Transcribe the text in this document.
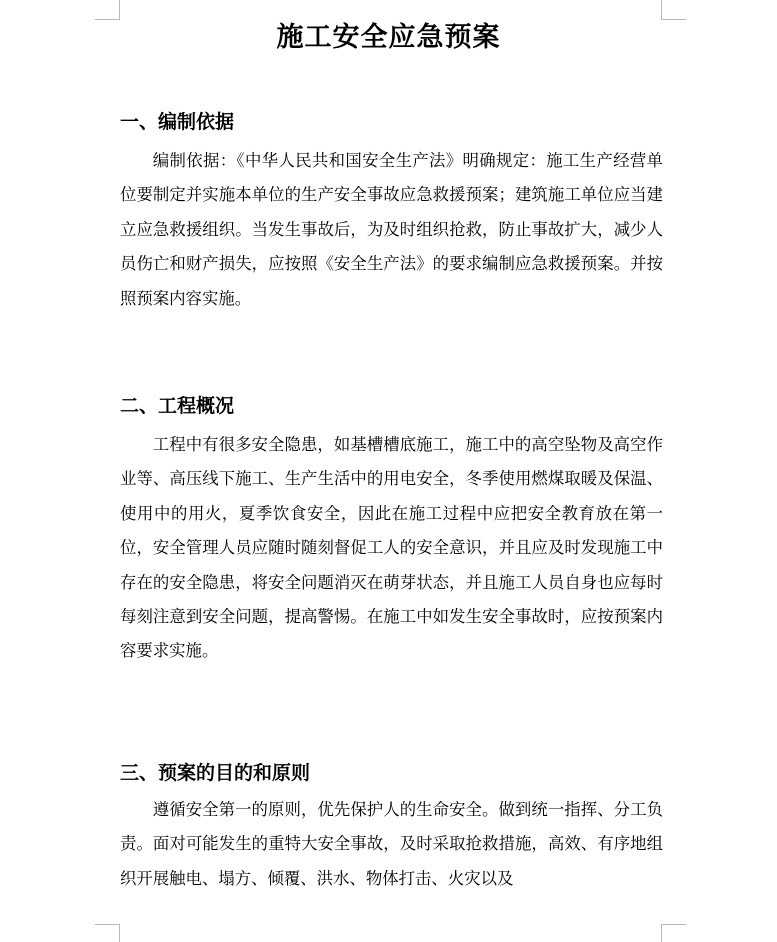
施工安全应急预案
一、编制依据
编制依据：《中华人民共和国安全生产法》明确规定：施工生产经营单位要制定并实施本单位的生产安全事故应急救援预案；建筑施工单位应当建立应急救援组织。当发生事故后，为及时组织抢救，防止事故扩大，减少人员伤亡和财产损失，应按照《安全生产法》的要求编制应急救援预案。并按照预案内容实施。
二、工程概况
工程中有很多安全隐患，如基槽槽底施工，施工中的高空坠物及高空作业等、高压线下施工、生产生活中的用电安全，冬季使用燃煤取暖及保温、使用中的用火，夏季饮食安全，因此在施工过程中应把安全教育放在第一位，安全管理人员应随时随刻督促工人的安全意识，并且应及时发现施工中存在的安全隐患，将安全问题消灭在萌芽状态，并且施工人员自身也应每时每刻注意到安全问题，提高警惕。在施工中如发生安全事故时，应按预案内容要求实施。
三、预案的目的和原则
遵循安全第一的原则，优先保护人的生命安全。做到统一指挥、分工负责。面对可能发生的重特大安全事故，及时采取抢救措施，高效、有序地组织开展触电、塌方、倾覆、洪水、物体打击、火灾以及
